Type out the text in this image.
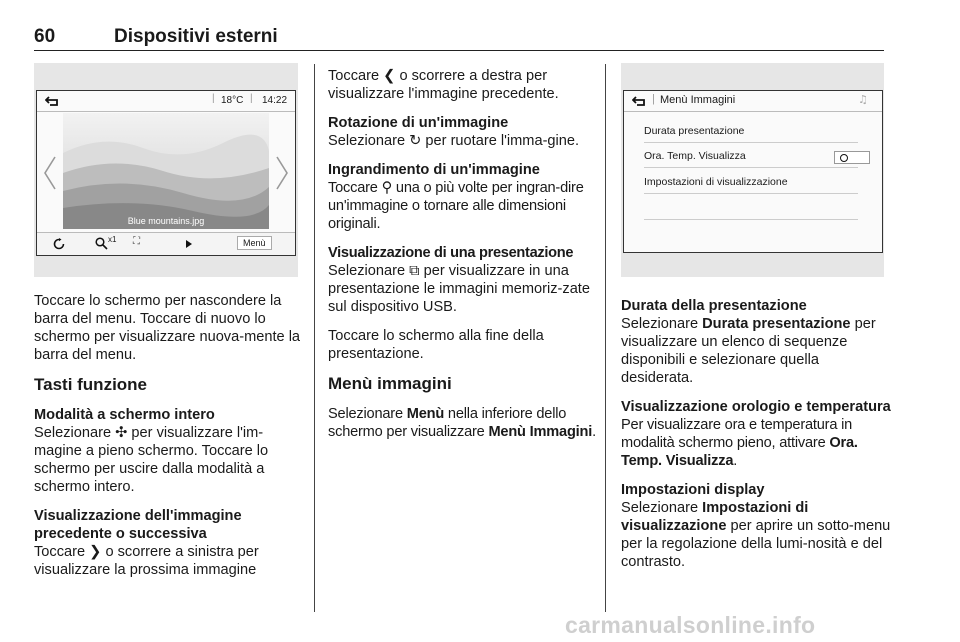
60	Dispositivi esterni
| 18°C | 14:22
Blue mountains.jpg
x1 ⛶	Menù
| Menù Immagini	♫
Durata presentazione
Ora. Temp. Visualizza
Impostazioni di visualizzazione

Toccare lo schermo per nascondere la barra del menu. Toccare di nuovo lo schermo per visualizzare nuova-mente la barra del menu.

Tasti funzione
Modalità a schermo intero

Selezionare ✣ per visualizzare l'im-magine a pieno schermo. Toccare lo schermo per uscire dalla modalità a schermo intero.

Visualizzazione dell'immagine precedente o successiva

Toccare ❯ o scorrere a sinistra per visualizzare la prossima immagine

Toccare ❮ o scorrere a destra per visualizzare l'immagine precedente.

Rotazione di un'immagine

Selezionare ↻ per ruotare l'imma-gine.

Ingrandimento di un'immagine

Toccare ⚲ una o più volte per ingran-dire un'immagine o tornare alle dimensioni originali.

Visualizzazione di una presentazione

Selezionare ⧉ per visualizzare in una presentazione le immagini memoriz-zate sul dispositivo USB.

Toccare lo schermo alla fine della presentazione.

Menù immagini

Selezionare Menù nella inferiore dello schermo per visualizzare Menù Immagini.

Durata della presentazione

Selezionare Durata presentazione per visualizzare un elenco di sequenze disponibili e selezionare quella desiderata.

Visualizzazione orologio e temperatura

Per visualizzare ora e temperatura in modalità schermo pieno, attivare Ora. Temp. Visualizza.

Impostazioni display

Selezionare Impostazioni di visualizzazione per aprire un sotto-menu per la regolazione della lumi-nosità e del contrasto.

carmanualsonline.info
